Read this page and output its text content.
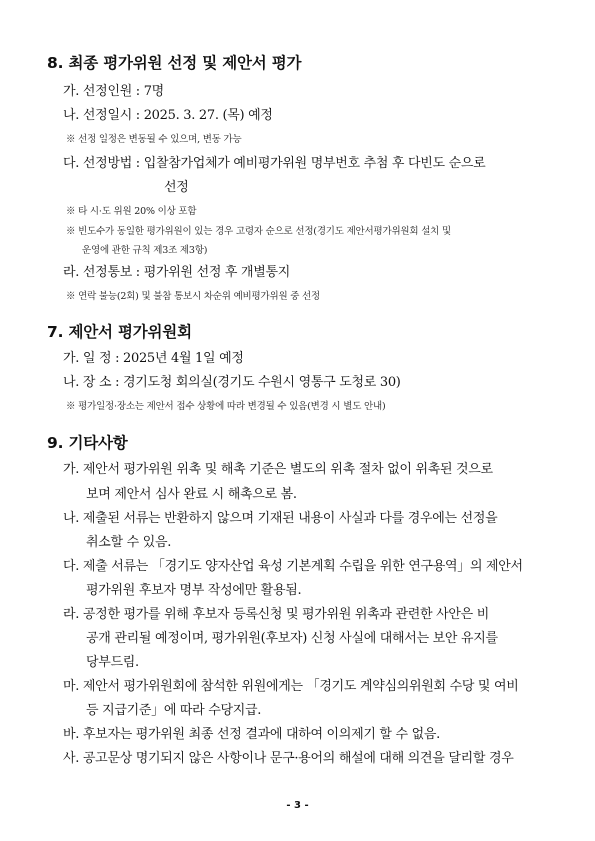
8. 최종 평가위원 선정 및 제안서 평가
가. 선정인원 : 7명
나. 선정일시 : 2025. 3. 27. (목) 예정
※ 선정 일정은 변동될 수 있으며, 변동 가능
다. 선정방법 : 입찰참가업체가 예비평가위원 명부번호 추첨 후 다빈도 순으로
선정
※ 타 시·도 위원 20% 이상 포함
※ 빈도수가 동일한 평가위원이 있는 경우 고령자 순으로 선정(경기도 제안서평가위원회 설치 및
운영에 관한 규칙 제3조 제3항)
라. 선정통보 : 평가위원 선정 후 개별통지
※ 연락 불능(2회) 및 불참 통보시 차순위 예비평가위원 중 선정
7. 제안서 평가위원회
가. 일 정 : 2025년 4월 1일 예정
나. 장 소 : 경기도청 회의실(경기도 수원시 영통구 도청로 30)
※ 평가일정·장소는 제안서 접수 상황에 따라 변경될 수 있음(변경 시 별도 안내)
9. 기타사항
가. 제안서 평가위원 위촉 및 해촉 기준은 별도의 위촉 절차 없이 위촉된 것으로
보며 제안서 심사 완료 시 해촉으로 봄.
나. 제출된 서류는 반환하지 않으며 기재된 내용이 사실과 다를 경우에는 선정을
취소할 수 있음.
다. 제출 서류는 「경기도 양자산업 육성 기본계획 수립을 위한 연구용역」의 제안서
평가위원 후보자 명부 작성에만 활용됨.
라. 공정한 평가를 위해 후보자 등록신청 및 평가위원 위촉과 관련한 사안은 비
공개 관리될 예정이며, 평가위원(후보자) 신청 사실에 대해서는 보안 유지를
당부드림.
마. 제안서 평가위원회에 참석한 위원에게는 「경기도 계약심의위원회 수당 및 여비
등 지급기준」에 따라 수당지급.
바. 후보자는 평가위원 최종 선정 결과에 대하여 이의제기 할 수 없음.
사. 공고문상 명기되지 않은 사항이나 문구·용어의 해설에 대해 의견을 달리할 경우
- 3 -
